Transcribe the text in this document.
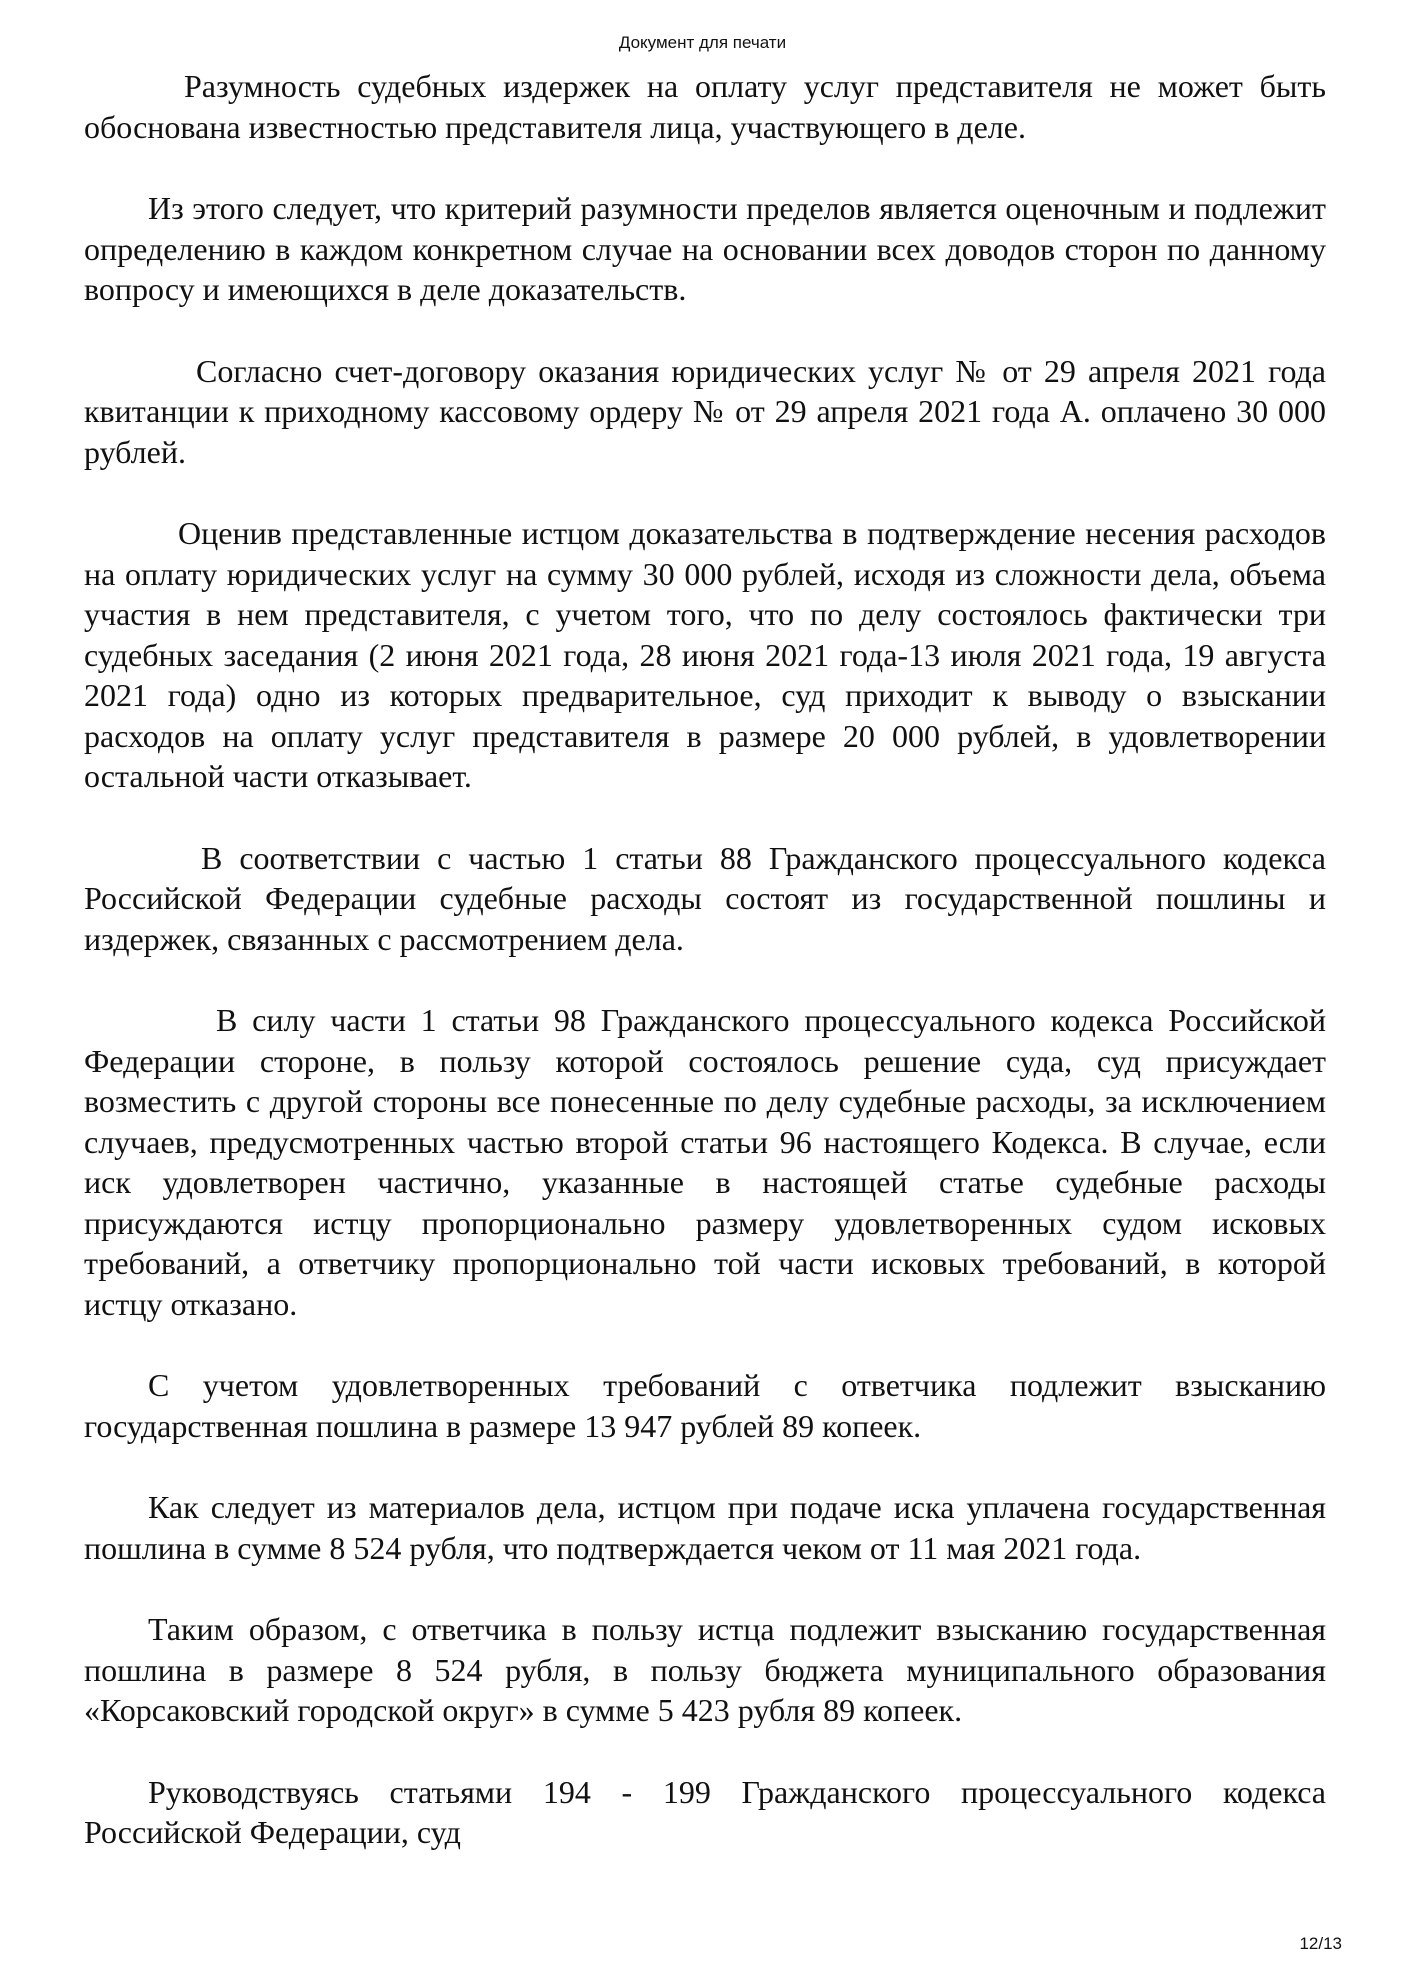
Документ для печати

Разумность судебных издержек на оплату услуг представителя не может быть обоснована известностью представителя лица, участвующего в деле.

Из этого следует, что критерий разумности пределов является оценочным и подлежит определению в каждом конкретном случае на основании всех доводов сторон по данному вопросу и имеющихся в деле доказательств.

Согласно счет-договору оказания юридических услуг № от 29 апреля 2021 года квитанции к приходному кассовому ордеру № от 29 апреля 2021 года А. оплачено 30 000 рублей.

Оценив представленные истцом доказательства в подтверждение несения расходов на оплату юридических услуг на сумму 30 000 рублей, исходя из сложности дела, объема участия в нем представителя, с учетом того, что по делу состоялось фактически три судебных заседания (2 июня 2021 года, 28 июня 2021 года-13 июля 2021 года, 19 августа 2021 года) одно из которых предварительное, суд приходит к выводу о взыскании расходов на оплату услуг представителя в размере 20 000 рублей, в удовлетворении остальной части отказывает.

В соответствии с частью 1 статьи 88 Гражданского процессуального кодекса Российской Федерации судебные расходы состоят из государственной пошлины и издержек, связанных с рассмотрением дела.

В силу части 1 статьи 98 Гражданского процессуального кодекса Российской Федерации стороне, в пользу которой состоялось решение суда, суд присуждает возместить с другой стороны все понесенные по делу судебные расходы, за исключением случаев, предусмотренных частью второй статьи 96 настоящего Кодекса. В случае, если иск удовлетворен частично, указанные в настоящей статье судебные расходы присуждаются истцу пропорционально размеру удовлетворенных судом исковых требований, а ответчику пропорционально той части исковых требований, в которой истцу отказано.

С учетом удовлетворенных требований с ответчика подлежит взысканию государственная пошлина в размере 13 947 рублей 89 копеек.

Как следует из материалов дела, истцом при подаче иска уплачена государственная пошлина в сумме 8 524 рубля, что подтверждается чеком от 11 мая 2021 года.

Таким образом, с ответчика в пользу истца подлежит взысканию государственная пошлина в размере 8 524 рубля, в пользу бюджета муниципального образования «Корсаковский городской округ» в сумме 5 423 рубля 89 копеек.

Руководствуясь статьями 194 - 199 Гражданского процессуального кодекса Российской Федерации, суд

12/13
